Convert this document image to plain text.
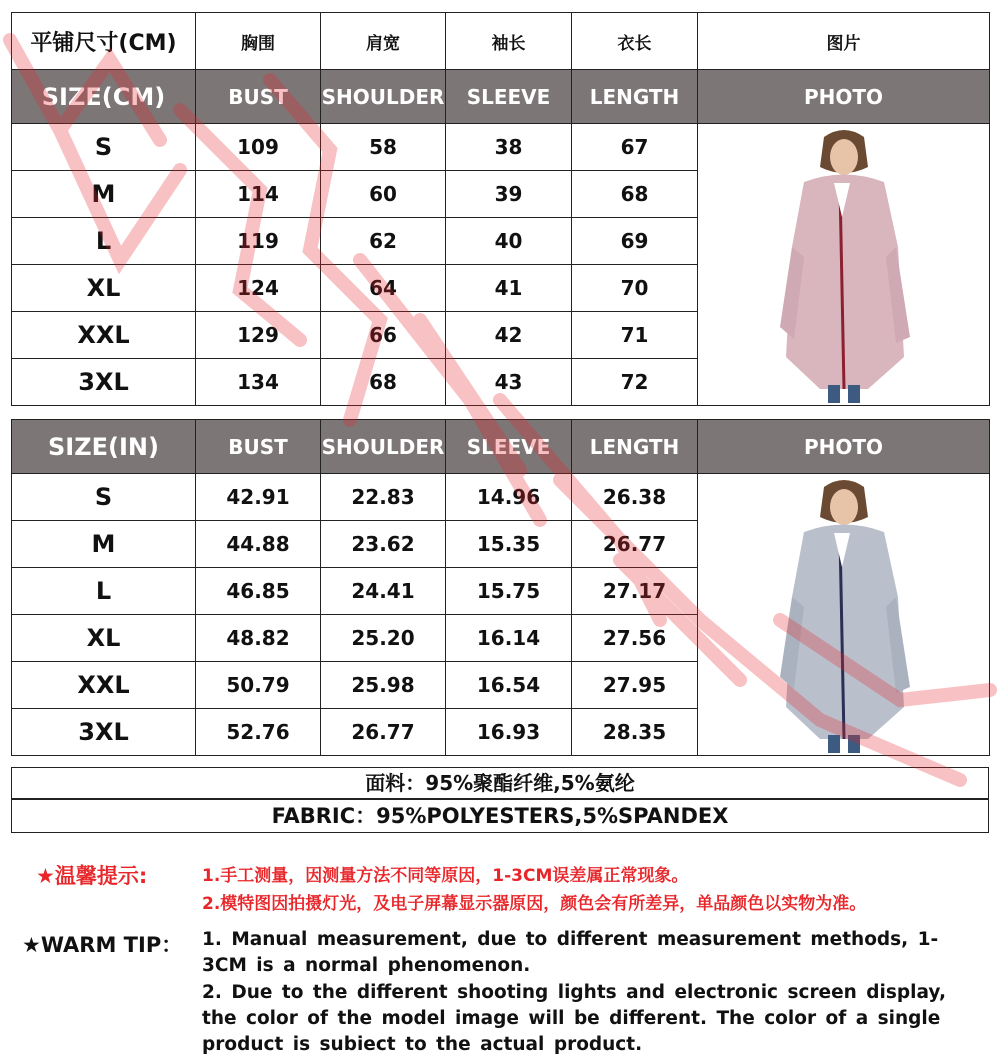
平铺尺寸(CM)	胸围	肩宽	袖长	衣长	图片
SIZE(CM)	BUST	SHOULDER	SLEEVE	LENGTH	PHOTO
S	109	58	38	67	

M	114	60	39	68	
L	119	62	40	69	
XL	124	64	41	70	
XXL	129	66	42	71	
3XL	134	68	43	72	
SIZE(IN)	BUST	SHOULDER	SLEEVE	LENGTH	PHOTO
S	42.91	22.83	14.96	26.38	

M	44.88	23.62	15.35	26.77	
L	46.85	24.41	15.75	27.17	
XL	48.82	25.20	16.14	27.56	
XXL	50.79	25.98	16.54	27.95	
3XL	52.76	26.77	16.93	28.35	
面料：95%聚酯纤维,5%氨纶
FABRIC：95%POLYESTERS,5%SPANDEX
★温馨提示:	1.手工测量，因测量方法不同等原因，1-3CM误差属正常现象。
2.模特图因拍摄灯光，及电子屏幕显示器原因，颜色会有所差异，单品颜色以实物为准。
★WARM TIP： 1. Manual measurement, due to different measurement methods, 1-3CM is a normal phenomenon.
2. Due to the different shooting lights and electronic screen display, the color of the model image will be different. The color of a single product is subiect to the actual product.
